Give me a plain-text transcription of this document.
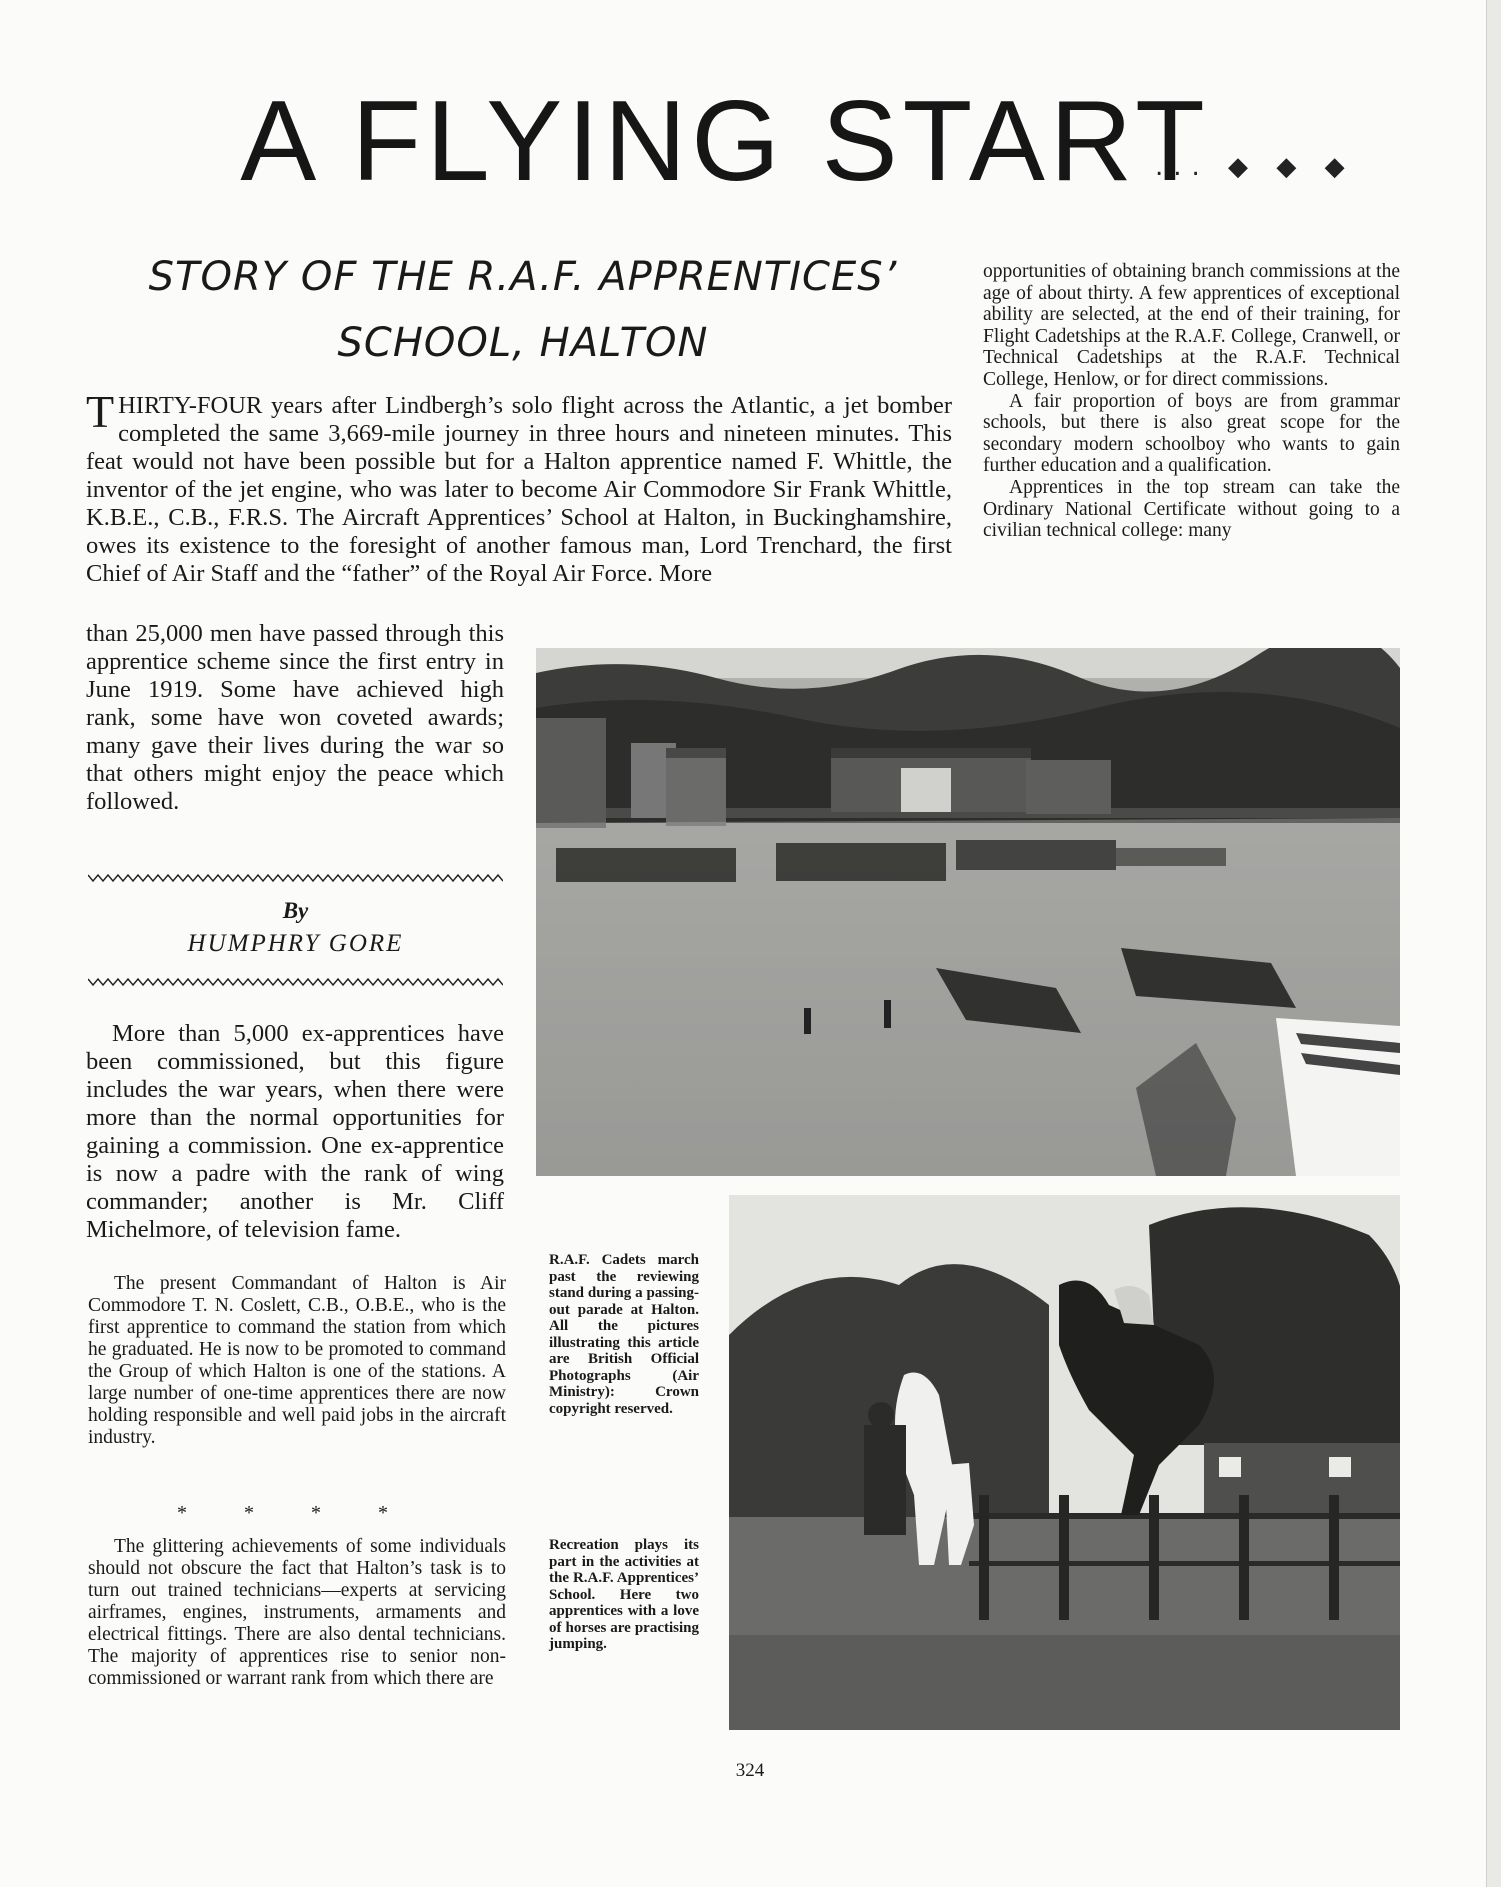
A FLYING START
... ◆ ◆ ◆
STORY OF THE R.A.F. APPRENTICES’
SCHOOL, HALTON

THIRTY-FOUR years after Lindbergh’s solo flight across the Atlantic, a jet bomber completed the same 3,669-mile journey in three hours and nineteen minutes. This feat would not have been possible but for a Halton apprentice named F. Whittle, the inventor of the jet engine, who was later to become Air Commodore Sir Frank Whittle, K.B.E., C.B., F.R.S. The Aircraft Apprentices’ School at Halton, in Buckinghamshire, owes its existence to the foresight of another famous man, Lord Trenchard, the first Chief of Air Staff and the “father” of the Royal Air Force. More

than 25,000 men have passed through this apprentice scheme since the first entry in June 1919. Some have achieved high rank, some have won coveted awards; many gave their lives during the war so that others might enjoy the peace which followed.

By
HUMPHRY GORE

More than 5,000 ex-apprentices have been commissioned, but this figure includes the war years, when there were more than the normal opportunities for gaining a commission. One ex-apprentice is now a padre with the rank of wing commander; another is Mr. Cliff Michelmore, of television fame.

The present Commandant of Halton is Air Commodore T. N. Coslett, C.B., O.B.E., who is the first apprentice to command the station from which he graduated. He is now to be promoted to command the Group of which Halton is one of the stations. A large number of one-time apprentices there are now holding responsible and well paid jobs in the aircraft industry.

* * * *

The glittering achievements of some individuals should not obscure the fact that Halton’s task is to turn out trained technicians—experts at servicing airframes, engines, instruments, armaments and electrical fittings. There are also dental technicians. The majority of apprentices rise to senior non-commissioned or warrant rank from which there are

opportunities of obtaining branch commissions at the age of about thirty. A few apprentices of exceptional ability are selected, at the end of their training, for Flight Cadetships at the R.A.F. College, Cranwell, or Technical Cadetships at the R.A.F. Technical College, Henlow, or for direct commissions.

A fair proportion of boys are from grammar schools, but there is also great scope for the secondary modern schoolboy who wants to gain further education and a qualification.

Apprentices in the top stream can take the Ordinary National Certificate without going to a civilian technical college: many

R.A.F. Cadets march past the reviewing stand during a passing-out parade at Halton. All the pictures illustrating this article are British Official Photographs (Air Ministry): Crown copyright reserved.
Recreation plays its part in the activities at the R.A.F. Apprentices’ School. Here two apprentices with a love of horses are practising jumping.
324
